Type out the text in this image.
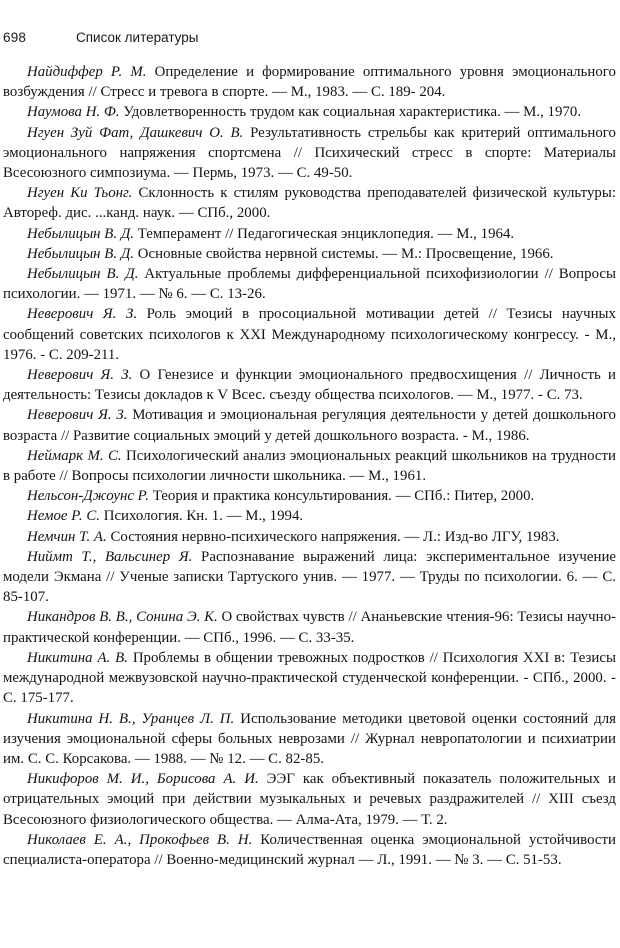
698	Список литературы

Найдиффер Р. М. Определение и формирование оптимального уровня эмоционального возбуждения // Стресс и тревога в спорте. — М., 1983. — С. 189- 204.

Наумова Н. Ф. Удовлетворенность трудом как социальная характеристика. — М., 1970.

Нгуен Зуй Фат, Дашкевич О. В. Результативность стрельбы как критерий оптимального эмоционального напряжения спортсмена // Психический стресс в спорте: Материалы Всесоюзного симпозиума. — Пермь, 1973. — С. 49-50.

Нгуен Ки Тьонг. Склонность к стилям руководства преподавателей физической культуры: Автореф. дис. ...канд. наук. — СПб., 2000.

Небылицын В. Д. Темперамент // Педагогическая энциклопедия. — М., 1964.

Небылицын В. Д. Основные свойства нервной системы. — М.: Просвещение, 1966.

Небылицын В. Д. Актуальные проблемы дифференциальной психофизиологии // Вопросы психологии. — 1971. — № 6. — С. 13-26.

Неверович Я. З. Роль эмоций в просоциальной мотивации детей // Тезисы научных сообщений советских психологов к XXI Международному психологическому конгрессу. - М., 1976. - С. 209-211.

Неверович Я. З. О Генезисе и функции эмоционального предвосхищения // Личность и деятельность: Тезисы докладов к V Всес. съезду общества психологов. — М., 1977. - С. 73.

Неверович Я. З. Мотивация и эмоциональная регуляция деятельности у детей дошкольного возраста // Развитие социальных эмоций у детей дошкольного возраста. - М., 1986.

Неймарк М. С. Психологический анализ эмоциональных реакций школьников на трудности в работе // Вопросы психологии личности школьника. — М., 1961.

Нельсон-Джоунс Р. Теория и практика консультирования. — СПб.: Питер, 2000.

Немое Р. С. Психология. Кн. 1. — М., 1994.

Немчин Т. А. Состояния нервно-психического напряжения. — Л.: Изд-во ЛГУ, 1983.

Ниймт Т., Вальсинер Я. Распознавание выражений лица: экспериментальное изучение модели Экмана // Ученые записки Тартуского унив. — 1977. — Труды по психологии. 6. — С. 85-107.

Никандров В. В., Сонина Э. К. О свойствах чувств // Ананьевские чтения-96: Тезисы научно-практической конференции. — СПб., 1996. — С. 33-35.

Никитина А. В. Проблемы в общении тревожных подростков // Психология XXI в: Тезисы международной межвузовской научно-практической студенческой конференции. - СПб., 2000. - С. 175-177.

Никитина Н. В., Уранцев Л. П. Использование методики цветовой оценки состояний для изучения эмоциональной сферы больных неврозами // Журнал невропатологии и психиатрии им. С. С. Корсакова. — 1988. — № 12. — С. 82-85.

Никифоров М. И., Борисова А. И. ЭЭГ как объективный показатель положительных и отрицательных эмоций при действии музыкальных и речевых раздражителей // XIII съезд Всесоюзного физиологического общества. — Алма-Ата, 1979. — Т. 2.

Николаев Е. А., Прокофьев В. Н. Количественная оценка эмоциональной устойчивости специалиста-оператора // Военно-медицинский журнал — Л., 1991. — № 3. — С. 51-53.
